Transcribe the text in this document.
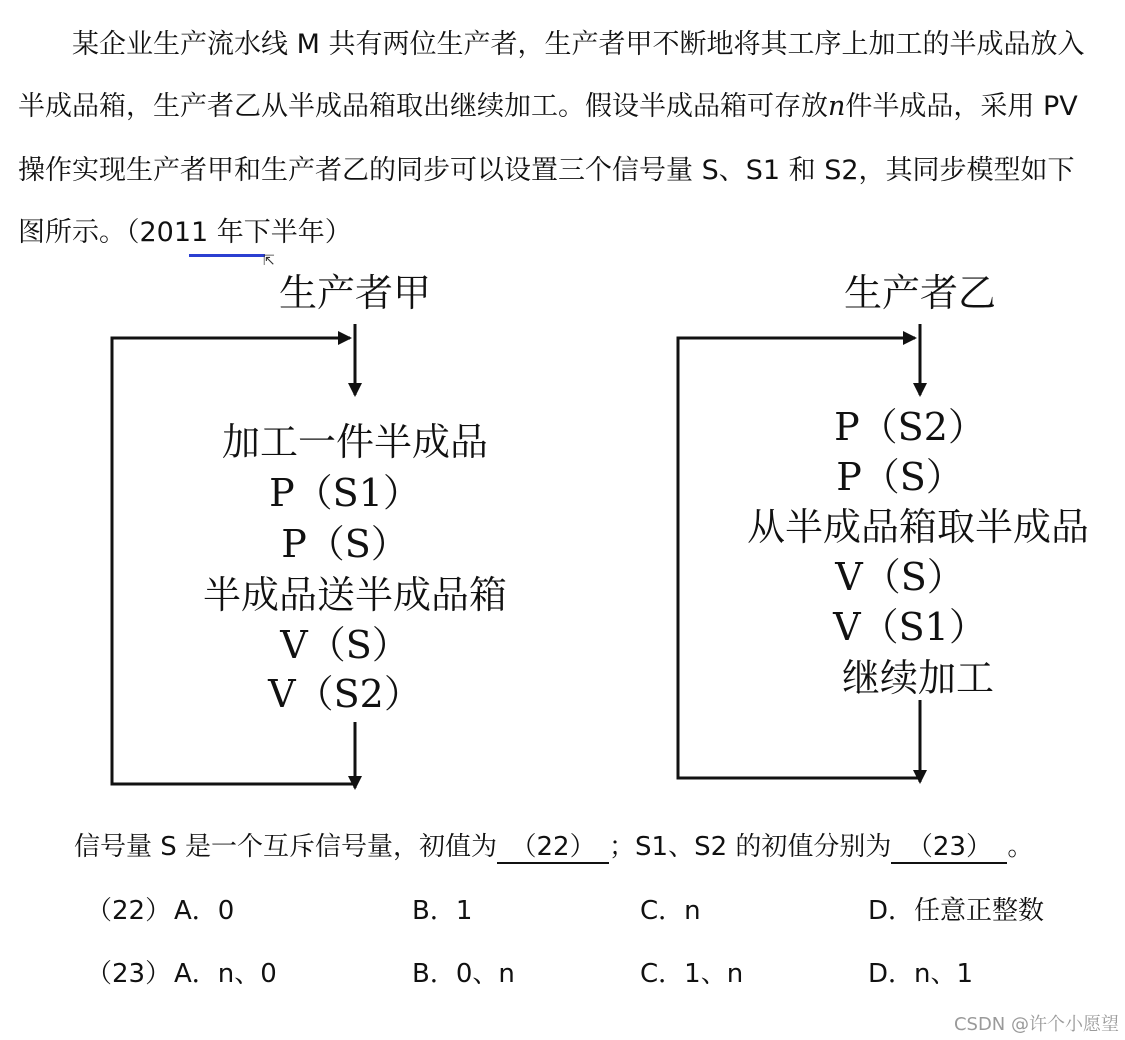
某企业生产流水线 M 共有两位生产者，生产者甲不断地将其工序上加工的半成品放入
半成品箱，生产者乙从半成品箱取出继续加工。假设半成品箱可存放n件半成品，采用 PV
操作实现生产者甲和生产者乙的同步可以设置三个信号量 S、S1 和 S2，其同步模型如下
图所示。（2011 年下半年）
⇱
生产者甲
加工一件半成品
P（S1）
P（S）
半成品送半成品箱
V（S）
V（S2）
生产者乙
P（S2）
P（S）
从半成品箱取半成品
V（S）
V（S1）
继续加工
信号量 S 是一个互斥信号量，初值为 （22） ；S1、S2 的初值分别为 （23） 。
（22） A．0	B．1	C．n	D．任意正整数
（23） A．n、0	B．0、n	C．1、n	D．n、1
CSDN @许个小愿望
